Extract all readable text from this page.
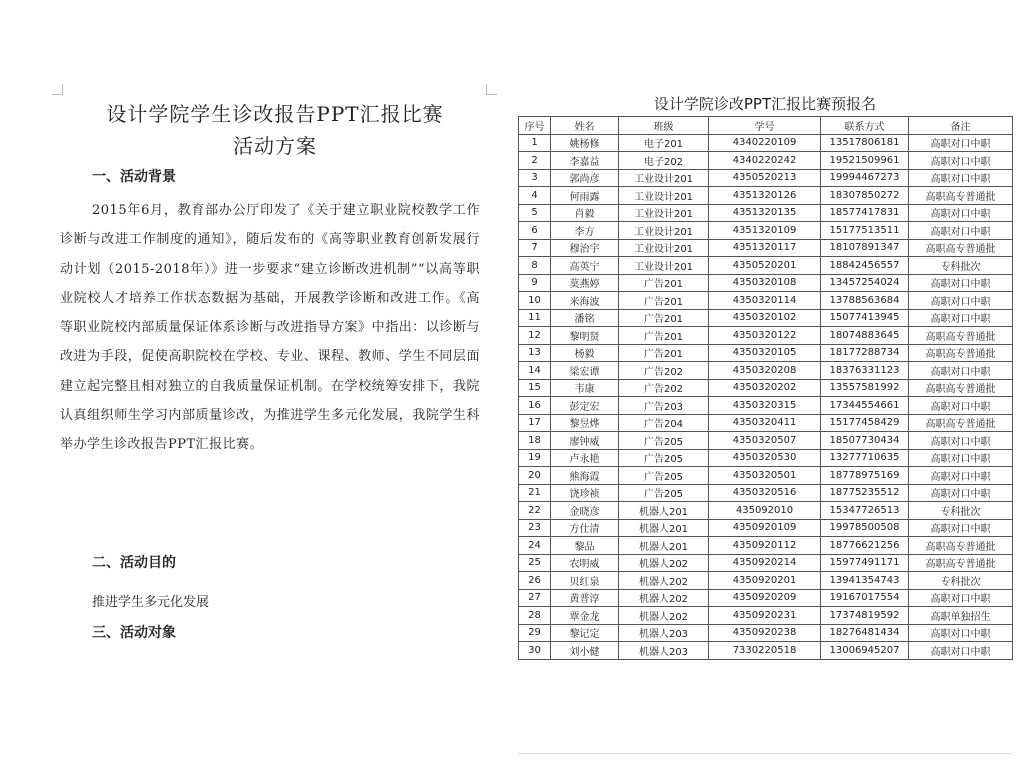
设计学院学生诊改报告PPT汇报比赛
活动方案
一、活动背景
2015年6月，教育部办公厅印发了《关于建立职业院校教学工作诊断与改进工作制度的通知》，随后发布的《高等职业教育创新发展行动计划（2015-2018年）》进一步要求“建立诊断改进机制”“以高等职业院校人才培养工作状态数据为基础，开展教学诊断和改进工作。《高等职业院校内部质量保证体系诊断与改进指导方案》中指出：以诊断与改进为手段，促使高职院校在学校、专业、课程、教师、学生不同层面建立起完整且相对独立的自我质量保证机制。在学校统筹安排下，我院认真组织师生学习内部质量诊改，为推进学生多元化发展，我院学生科举办学生诊改报告PPT汇报比赛。
二、活动目的
推进学生多元化发展
三、活动对象
设计学院诊改PPT汇报比赛预报名
序号	姓名	班级	学号	联系方式	备注
1	姚杨修	电子201	4340220109	13517806181	高职对口中职
2	李嘉益	电子202	4340220242	19521509961	高职对口中职
3	郭尚彦	工业设计201	4350520213	19994467273	高职对口中职
4	何雨露	工业设计201	4351320126	18307850272	高职高专普通批
5	肖毅	工业设计201	4351320135	18577417831	高职对口中职
6	李方	工业设计201	4351320109	15177513511	高职对口中职
7	穆治宇	工业设计201	4351320117	18107891347	高职高专普通批
8	高英宁	工业设计201	4350520201	18842456557	专科批次
9	莫燕婷	广告201	4350320108	13457254024	高职对口中职
10	米海波	广告201	4350320114	13788563684	高职对口中职
11	潘铭	广告201	4350320102	15077413945	高职对口中职
12	黎明贤	广告201	4350320122	18074883645	高职高专普通批
13	杨毅	广告201	4350320105	18177288734	高职高专普通批
14	梁宏谭	广告202	4350320208	18376331123	高职对口中职
15	韦康	广告202	4350320202	13557581992	高职高专普通批
16	彭定宏	广告203	4350320315	17344554661	高职对口中职
17	黎昱烨	广告204	4350320411	15177458429	高职高专普通批
18	廖钟威	广告205	4350320507	18507730434	高职对口中职
19	卢永艳	广告205	4350320530	13277710635	高职对口中职
20	熊海霞	广告205	4350320501	18778975169	高职对口中职
21	饶珍祯	广告205	4350320516	18775235512	高职对口中职
22	金晓彦	机器人201	435092010	15347726513	专科批次
23	方仕清	机器人201	4350920109	19978500508	高职对口中职
24	黎品	机器人201	4350920112	18776621256	高职高专普通批
25	农明威	机器人202	4350920214	15977491171	高职高专普通批
26	贝红泉	机器人202	4350920201	13941354743	专科批次
27	黄普淳	机器人202	4350920209	19167017554	高职对口中职
28	覃金龙	机器人202	4350920231	17374819592	高职单独招生
29	黎记定	机器人203	4350920238	18276481434	高职对口中职
30	刘小健	机器人203	7330220518	13006945207	高职对口中职
